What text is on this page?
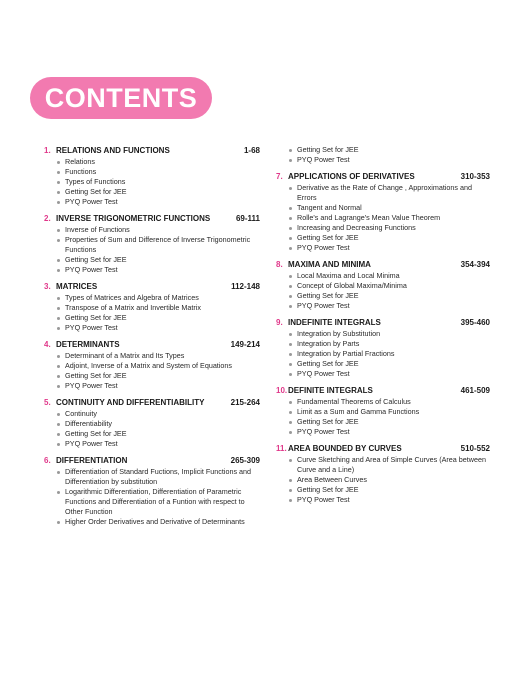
CONTENTS
1. RELATIONS AND FUNCTIONS	1-68
Relations
Functions
Types of Functions
Getting Set for JEE
PYQ Power Test
2. INVERSE TRIGONOMETRIC FUNCTIONS	69-111
Inverse of Functions
Properties of Sum and Difference of Inverse Trigonometric Functions
Getting Set for JEE
PYQ Power Test
3. MATRICES	112-148
Types of Matrices and Algebra of Matrices
Transpose of a Matrix and Invertible Matrix
Getting Set for JEE
PYQ Power Test
4. DETERMINANTS	149-214
Determinant of a Matrix and Its Types
Adjoint, Inverse of a Matrix and System of Equations
Getting Set for JEE
PYQ Power Test
5. CONTINUITY AND DIFFERENTIABILITY	215-264
Continuity
Differentiability
Getting Set for JEE
PYQ Power Test
6. DIFFERENTIATION	265-309
Differentiation of Standard Fuctions, Implicit Functions and Differentiation by substitution
Logarithmic Differentiation, Differentiation of Parametric Functions and Differentiation of a Funtion with respect to Other Function
Higher Order Derivatives and Derivative of Determinants
Getting Set for JEE
PYQ Power Test
7. APPLICATIONS OF DERIVATIVES	310-353
Derivative as the Rate of Change , Approximations and Errors
Tangent and Normal
Rolle's and Lagrange's Mean Value Theorem
Increasing and Decreasing Functions
Getting Set for JEE
PYQ Power Test
8. MAXIMA AND MINIMA	354-394
Local Maxima and Local Minima
Concept of Global Maxima/Minima
Getting Set for JEE
PYQ Power Test
9. INDEFINITE INTEGRALS	395-460
Integration by Substitution
Integration by Parts
Integration by Partial Fractions
Getting Set for JEE
PYQ Power Test
10. DEFINITE INTEGRALS	461-509
Fundamental Theorems of Calculus
Limit as a Sum and Gamma Functions
Getting Set for JEE
PYQ Power Test
11. AREA BOUNDED BY CURVES	510-552
Curve Sketching and Area of Simple Curves (Area between Curve and a Line)
Area Between Curves
Getting Set for JEE
PYQ Power Test
